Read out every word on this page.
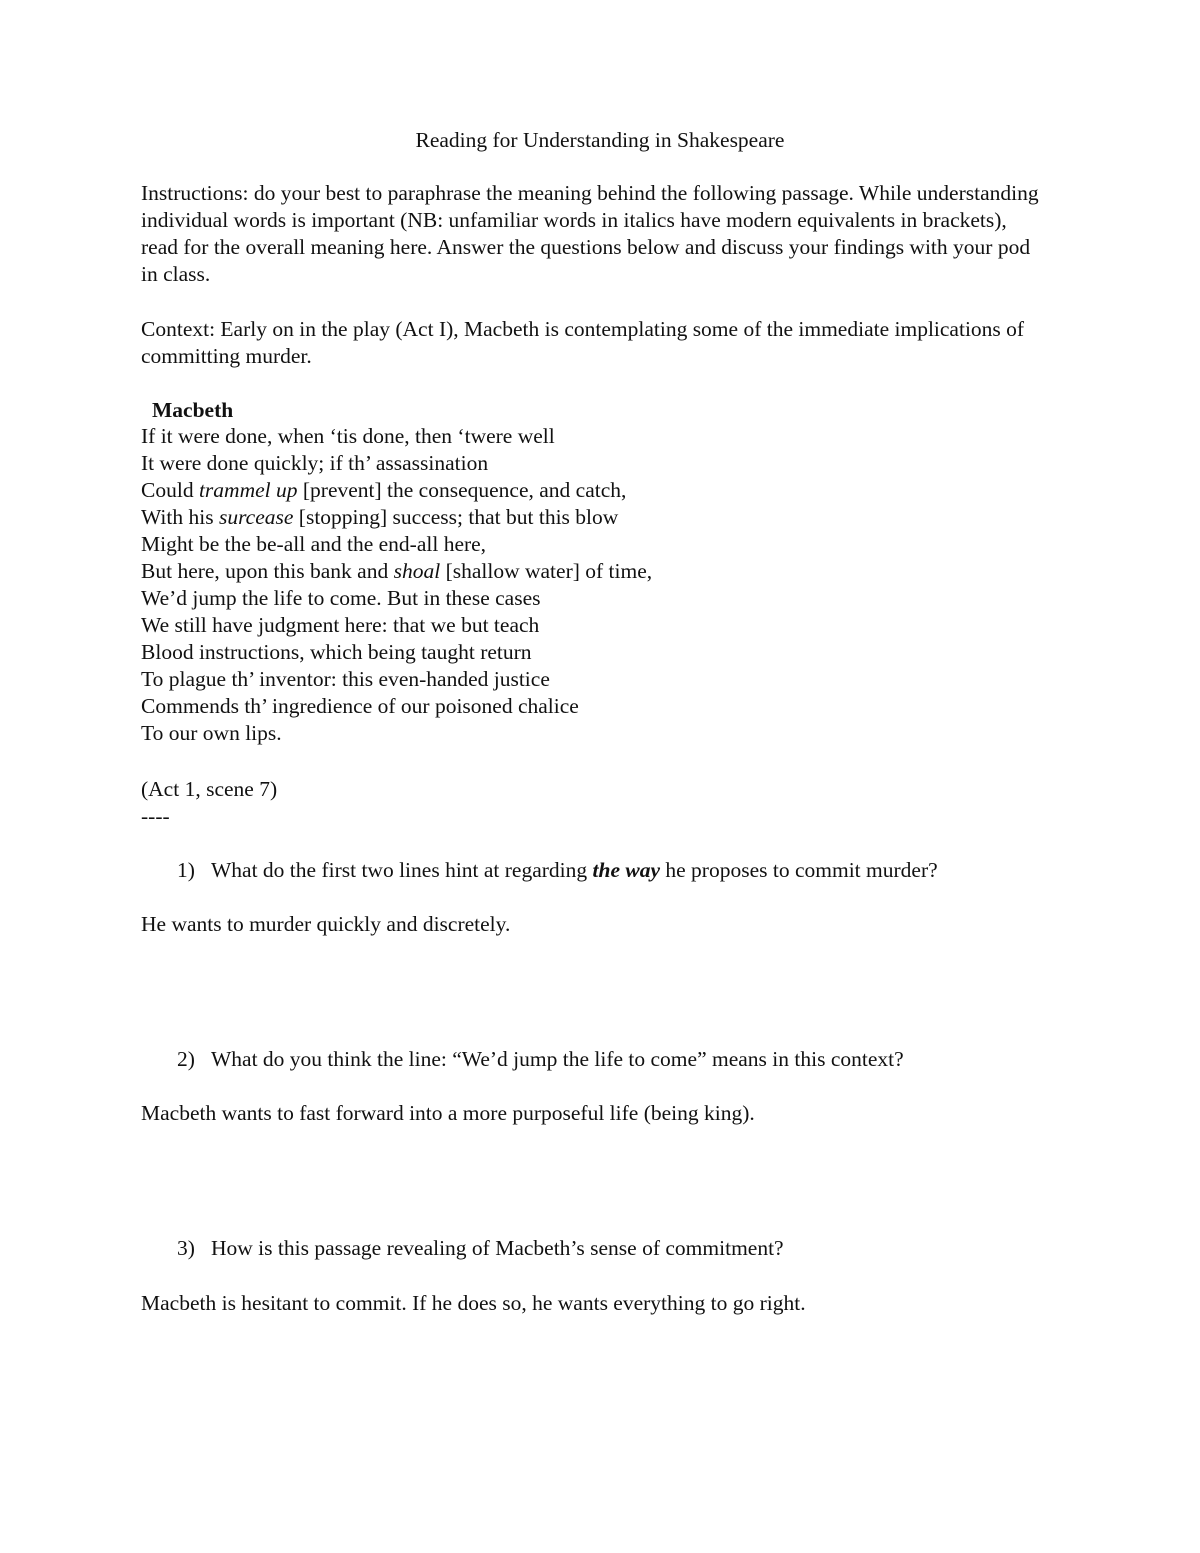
Reading for Understanding in Shakespeare
Instructions: do your best to paraphrase the meaning behind the following passage. While understanding individual words is important (NB: unfamiliar words in italics have modern equivalents in brackets), read for the overall meaning here. Answer the questions below and discuss your findings with your pod in class.
Context: Early on in the play (Act I), Macbeth is contemplating some of the immediate implications of committing murder.
Macbeth
If it were done, when ‘tis done, then ‘twere well
It were done quickly; if th’ assassination
Could trammel up [prevent] the consequence, and catch,
With his surcease [stopping] success; that but this blow
Might be the be-all and the end-all here,
But here, upon this bank and shoal [shallow water] of time,
We’d jump the life to come. But in these cases
We still have judgment here: that we but teach
Blood instructions, which being taught return
To plague th’ inventor: this even-handed justice
Commends th’ ingredience of our poisoned chalice
To our own lips.
(Act 1, scene 7)
----
1) What do the first two lines hint at regarding the way he proposes to commit murder?
He wants to murder quickly and discretely.
2) What do you think the line: “We’d jump the life to come” means in this context?
Macbeth wants to fast forward into a more purposeful life (being king).
3) How is this passage revealing of Macbeth’s sense of commitment?
Macbeth is hesitant to commit. If he does so, he wants everything to go right.
